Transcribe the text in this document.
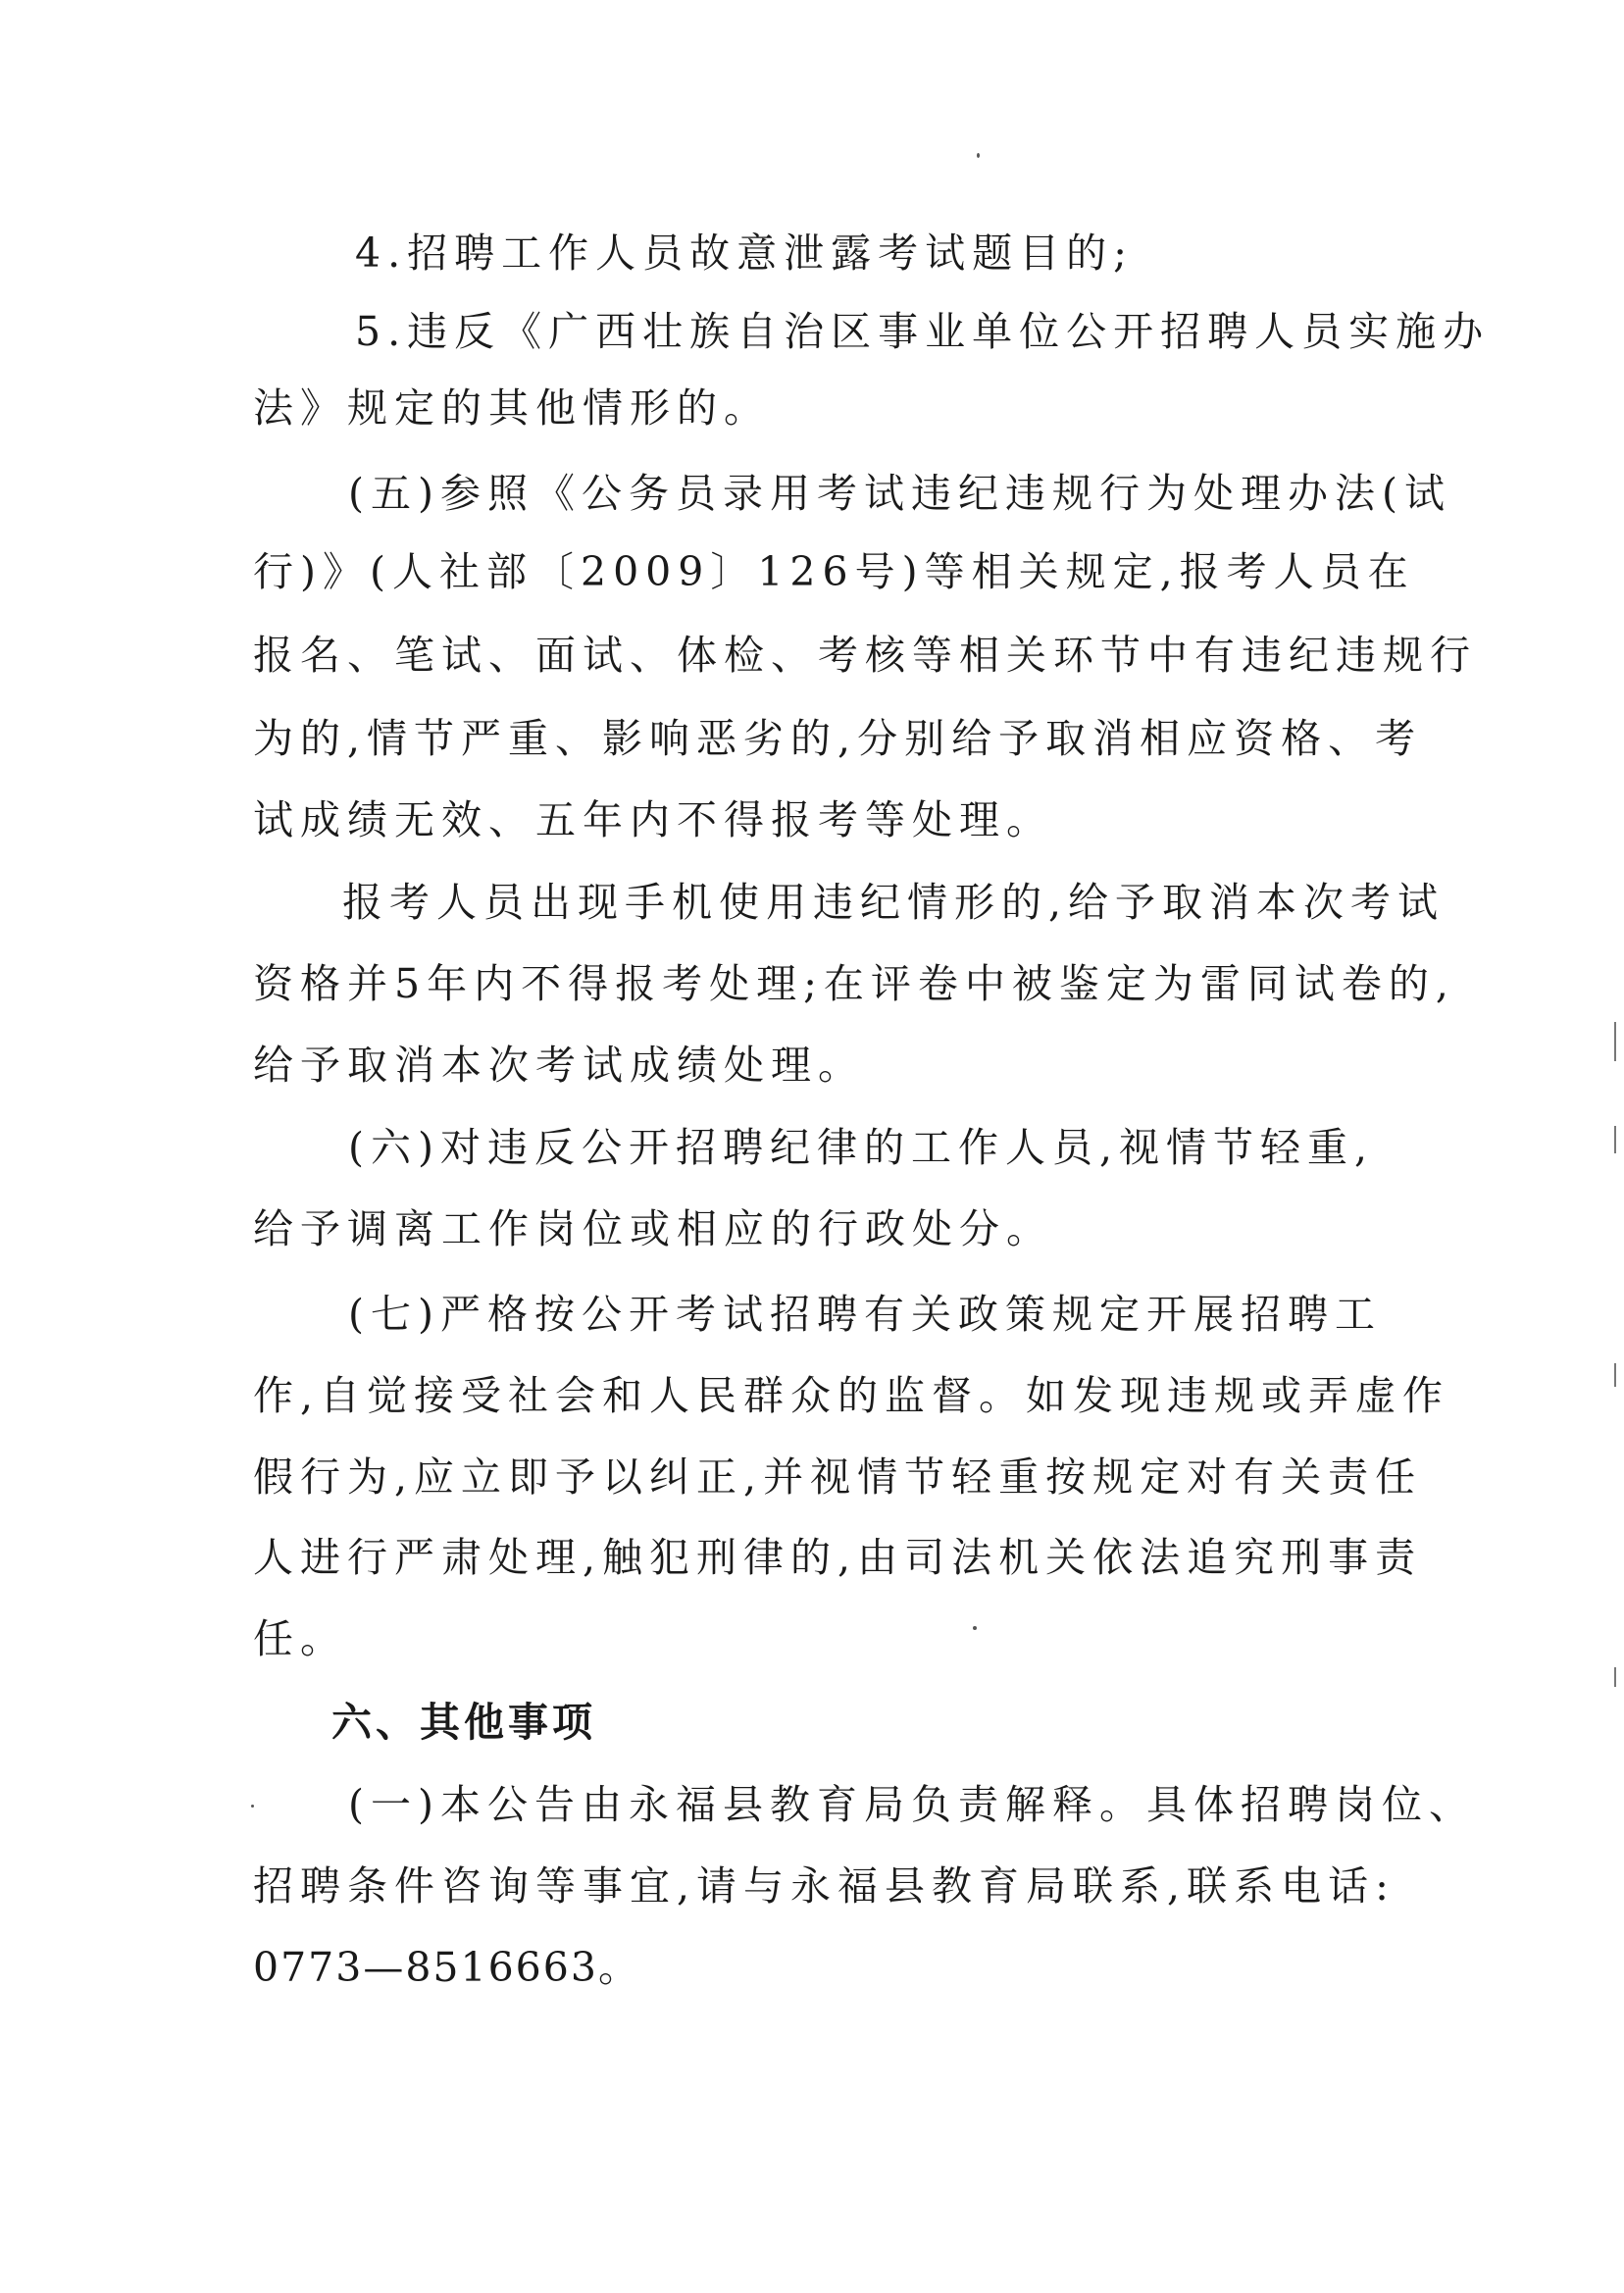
4.招聘工作人员故意泄露考试题目的;
5.违反《广西壮族自治区事业单位公开招聘人员实施办
法》规定的其他情形的。
(五)参照《公务员录用考试违纪违规行为处理办法(试
行)》(人社部〔2009〕126号)等相关规定,报考人员在
报名、笔试、面试、体检、考核等相关环节中有违纪违规行
为的,情节严重、影响恶劣的,分别给予取消相应资格、考
试成绩无效、五年内不得报考等处理。
报考人员出现手机使用违纪情形的,给予取消本次考试
资格并5年内不得报考处理;在评卷中被鉴定为雷同试卷的,
给予取消本次考试成绩处理。
(六)对违反公开招聘纪律的工作人员,视情节轻重,
给予调离工作岗位或相应的行政处分。
(七)严格按公开考试招聘有关政策规定开展招聘工
作,自觉接受社会和人民群众的监督。如发现违规或弄虚作
假行为,应立即予以纠正,并视情节轻重按规定对有关责任
人进行严肃处理,触犯刑律的,由司法机关依法追究刑事责
任。
六、其他事项
(一)本公告由永福县教育局负责解释。具体招聘岗位、
招聘条件咨询等事宜,请与永福县教育局联系,联系电话:
0773—8516663。
